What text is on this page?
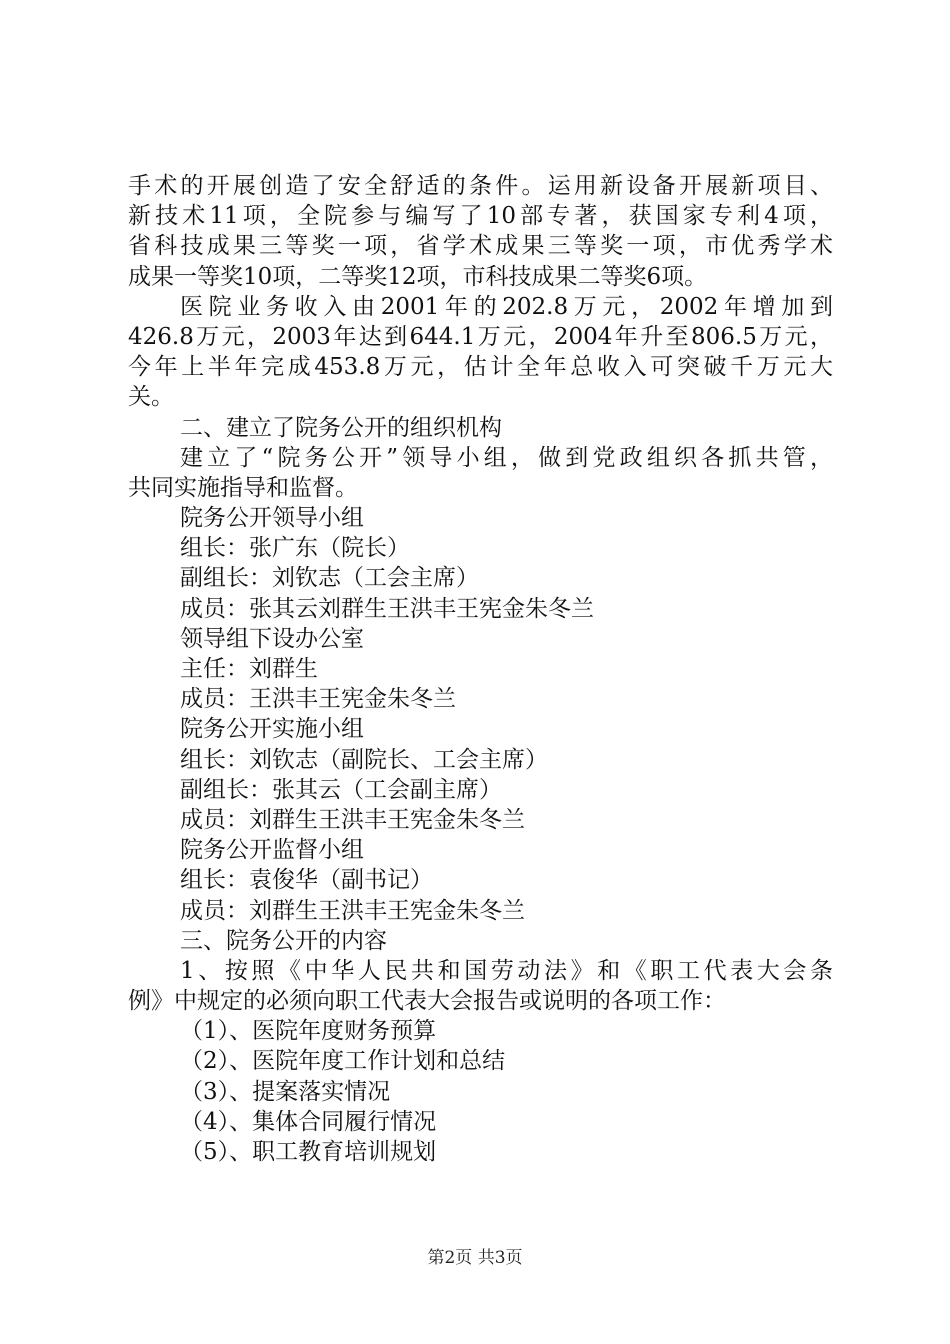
手术的开展创造了安全舒适的条件。运用新设备开展新项目、
新技术11项，全院参与编写了10部专著，获国家专利4项，
省科技成果三等奖一项，省学术成果三等奖一项，市优秀学术
成果一等奖10项，二等奖12项，市科技成果二等奖6项。
医院业务收入由2001年的202.8万元，2002年增加到
426.8万元，2003年达到644.1万元，2004年升至806.5万元，
今年上半年完成453.8万元，估计全年总收入可突破千万元大
关。
二、建立了院务公开的组织机构
建立了“院务公开”领导小组，做到党政组织各抓共管，
共同实施指导和监督。
院务公开领导小组
组长：张广东（院长）
副组长：刘钦志（工会主席）
成员：张其云刘群生王洪丰王宪金朱冬兰
领导组下设办公室
主任：刘群生
成员：王洪丰王宪金朱冬兰
院务公开实施小组
组长：刘钦志（副院长、工会主席）
副组长：张其云（工会副主席）
成员：刘群生王洪丰王宪金朱冬兰
院务公开监督小组
组长：袁俊华（副书记）
成员：刘群生王洪丰王宪金朱冬兰
三、院务公开的内容
1、按照《中华人民共和国劳动法》和《职工代表大会条
例》中规定的必须向职工代表大会报告或说明的各项工作：
（1）、医院年度财务预算
（2）、医院年度工作计划和总结
（3）、提案落实情况
（4）、集体合同履行情况
（5）、职工教育培训规划
第2页 共3页
